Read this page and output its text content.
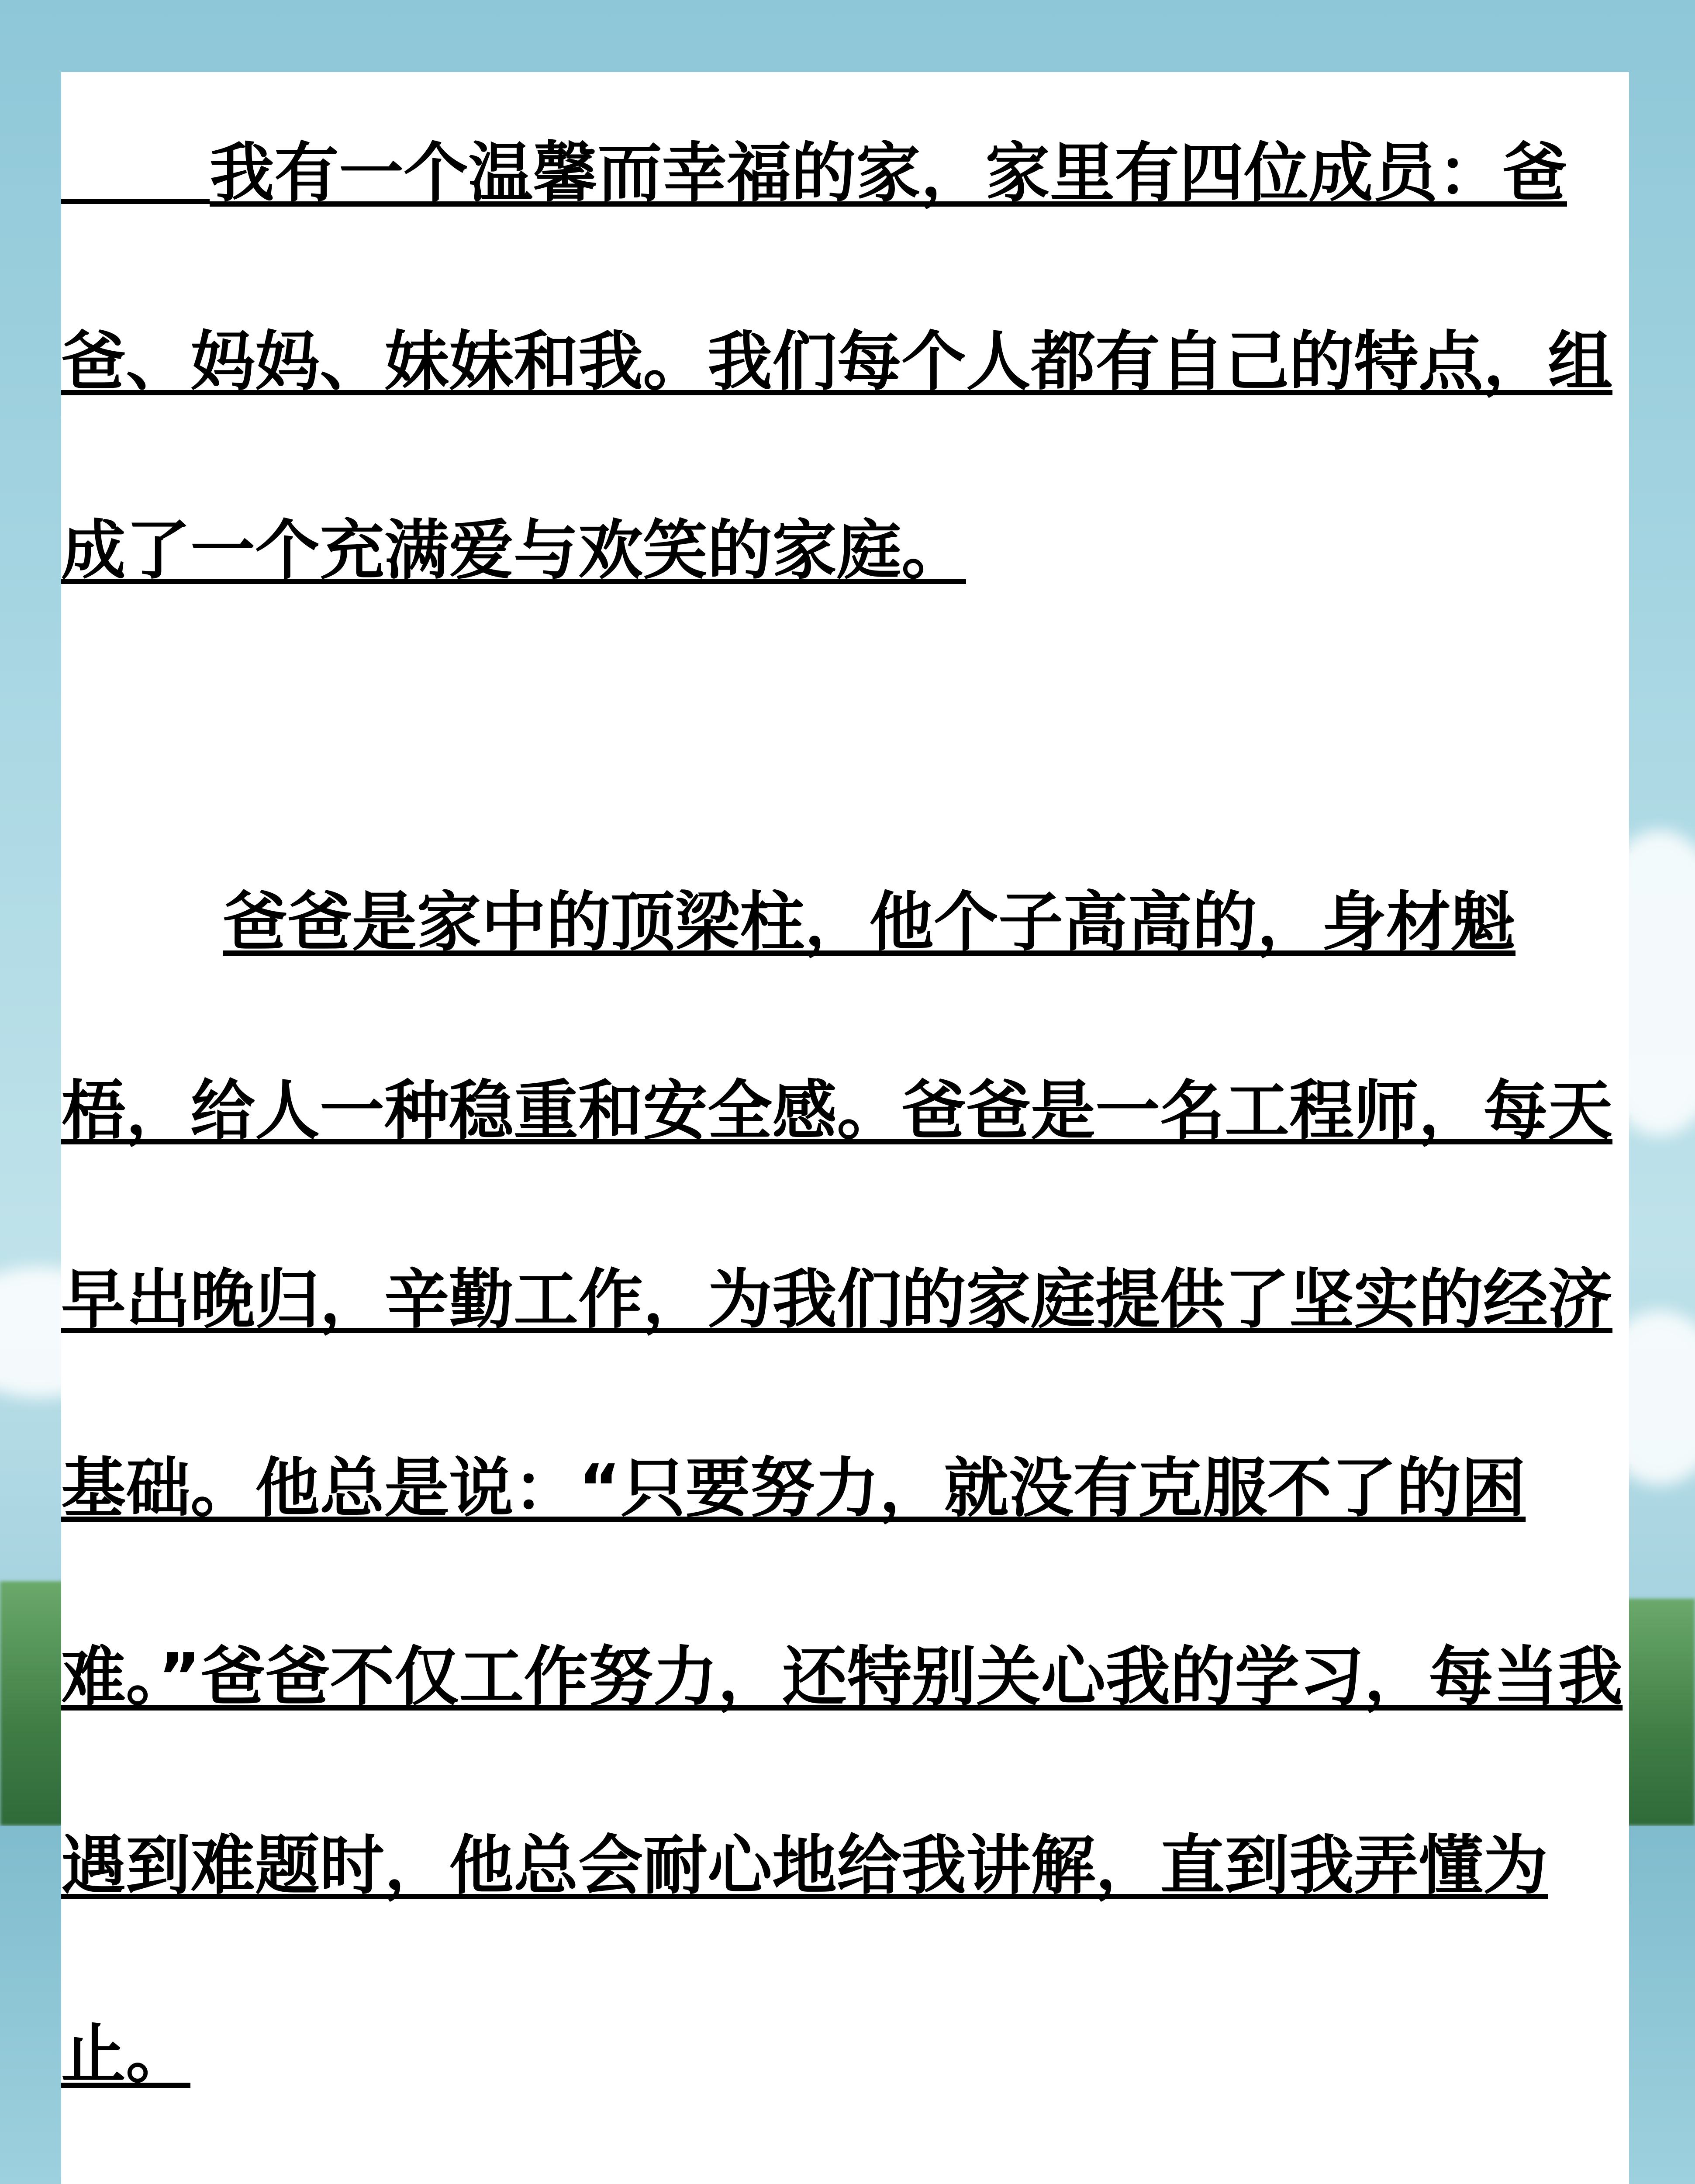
我有一个温馨而幸福的家，家里有四位成员：爸爸、妈妈、妹妹和我。我们每个人都有自己的特点，组成了一个充满爱与欢笑的家庭。

爸爸是家中的顶梁柱，他个子高高的，身材魁梧，给人一种稳重和安全感。爸爸是一名工程师，每天早出晚归，辛勤工作，为我们的家庭提供了坚实的经济基础。他总是说：“只要努力，就没有克服不了的困难。”爸爸不仅工作努力，还特别关心我的学习，每当我遇到难题时，他总会耐心地给我讲解，直到我弄懂为止。
